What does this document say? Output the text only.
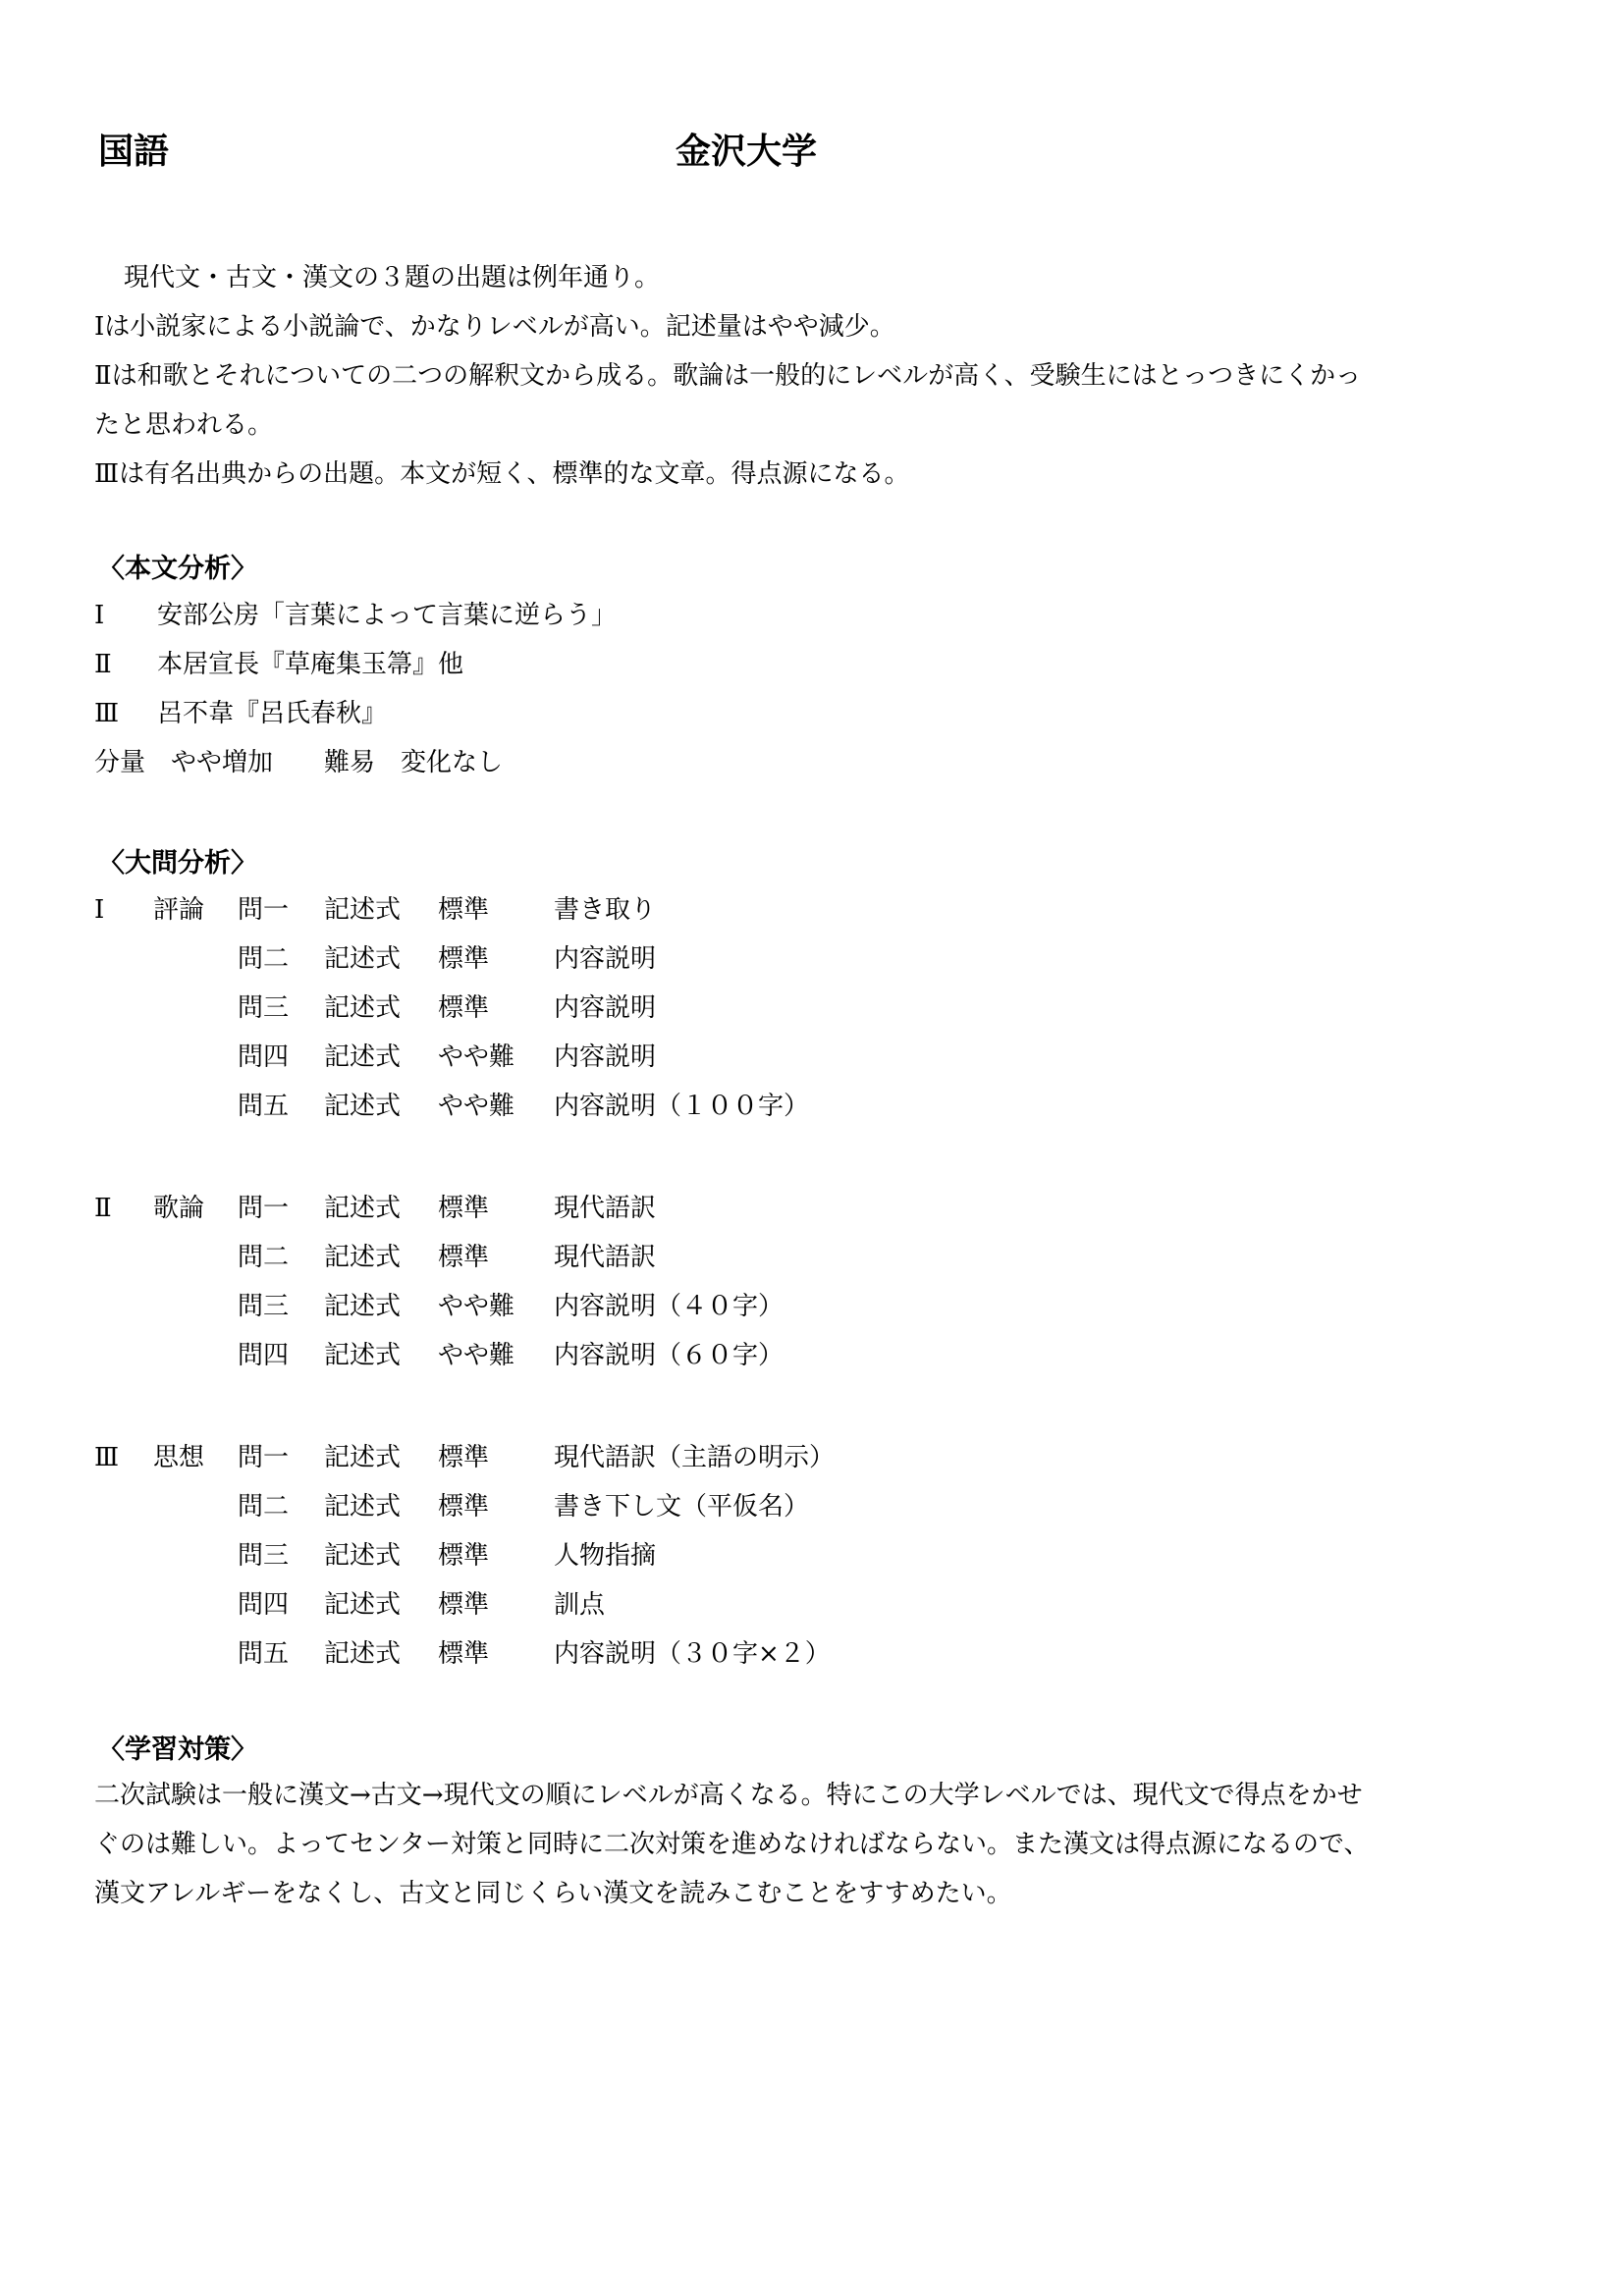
国語	金沢大学
現代文・古文・漢文の３題の出題は例年通り。
Ⅰは小説家による小説論で、かなりレベルが高い。記述量はやや減少。
Ⅱは和歌とそれについての二つの解釈文から成る。歌論は一般的にレベルが高く、受験生にはとっつきにくかっ
たと思われる。
Ⅲは有名出典からの出題。本文が短く、標準的な文章。得点源になる。
〈本文分析〉
Ⅰ 安部公房「言葉によって言葉に逆らう」
Ⅱ 本居宣長『草庵集玉箒』他
Ⅲ 呂不韋『呂氏春秋』
分量　やや増加　　難易　変化なし
〈大問分析〉
Ⅰ	評論	問一	記述式	標準	書き取り
		問二	記述式	標準	内容説明
		問三	記述式	標準	内容説明
		問四	記述式	やや難	内容説明
		問五	記述式	やや難	内容説明（１００字）
Ⅱ	歌論	問一	記述式	標準	現代語訳
		問二	記述式	標準	現代語訳
		問三	記述式	やや難	内容説明（４０字）
		問四	記述式	やや難	内容説明（６０字）
Ⅲ	思想	問一	記述式	標準	現代語訳（主語の明示）
		問二	記述式	標準	書き下し文（平仮名）
		問三	記述式	標準	人物指摘
		問四	記述式	標準	訓点
		問五	記述式	標準	内容説明（３０字×２）
〈学習対策〉
二次試験は一般に漢文→古文→現代文の順にレベルが高くなる。特にこの大学レベルでは、現代文で得点をかせ
ぐのは難しい。よってセンター対策と同時に二次対策を進めなければならない。また漢文は得点源になるので、
漢文アレルギーをなくし、古文と同じくらい漢文を読みこむことをすすめたい。
